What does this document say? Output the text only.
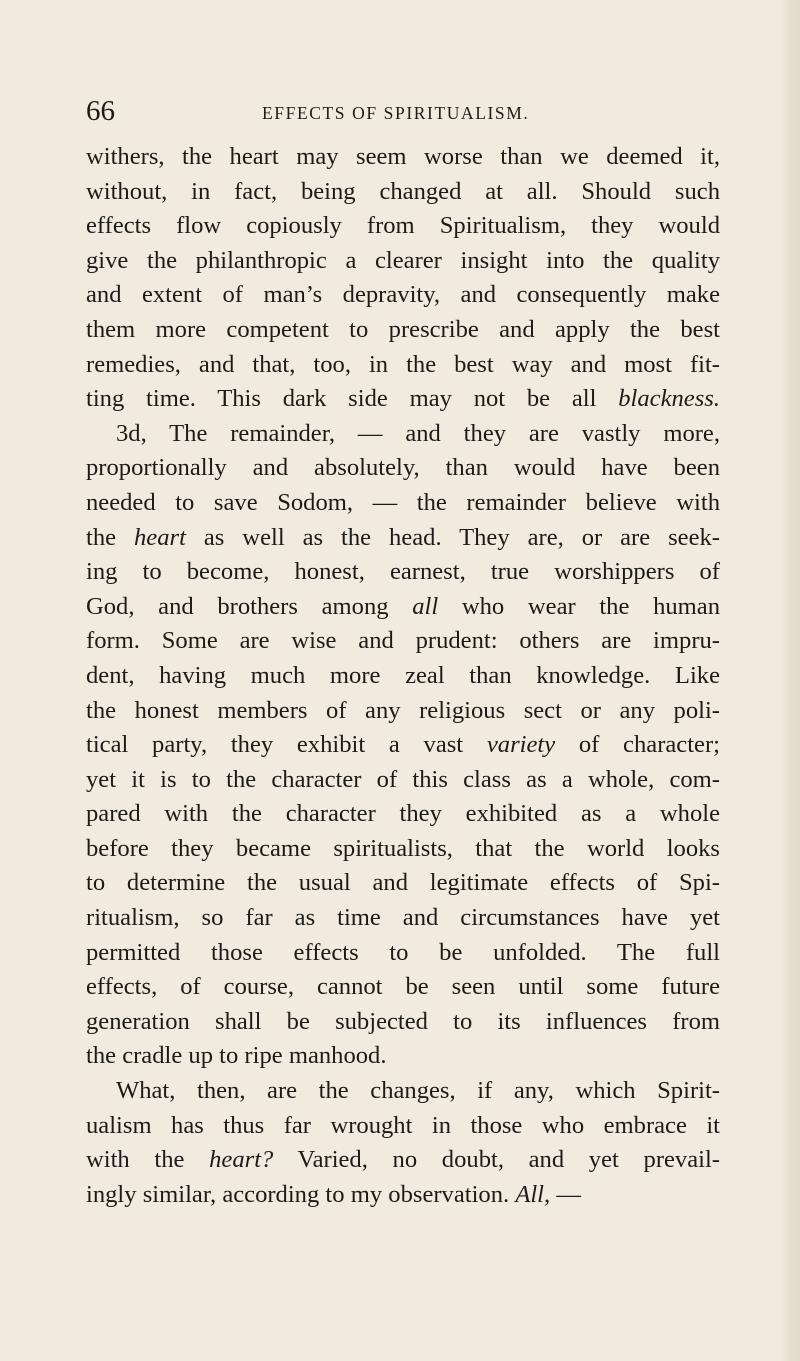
66	EFFECTS OF SPIRITUALISM.
withers, the heart may seem worse than we deemed it,
without, in fact, being changed at all. Should such
effects flow copiously from Spiritualism, they would
give the philanthropic a clearer insight into the quality
and extent of man’s depravity, and consequently make
them more competent to prescribe and apply the best
remedies, and that, too, in the best way and most fit-
ting time. This dark side may not be all blackness.
3d, The remainder, — and they are vastly more,
proportionally and absolutely, than would have been
needed to save Sodom, — the remainder believe with
the heart as well as the head. They are, or are seek-
ing to become, honest, earnest, true worshippers of
God, and brothers among all who wear the human
form. Some are wise and prudent: others are impru-
dent, having much more zeal than knowledge. Like
the honest members of any religious sect or any poli-
tical party, they exhibit a vast variety of character;
yet it is to the character of this class as a whole, com-
pared with the character they exhibited as a whole
before they became spiritualists, that the world looks
to determine the usual and legitimate effects of Spi-
ritualism, so far as time and circumstances have yet
permitted those effects to be unfolded. The full
effects, of course, cannot be seen until some future
generation shall be subjected to its influences from
the cradle up to ripe manhood.
What, then, are the changes, if any, which Spirit-
ualism has thus far wrought in those who embrace it
with the heart? Varied, no doubt, and yet prevail-
ingly similar, according to my observation. All, —
